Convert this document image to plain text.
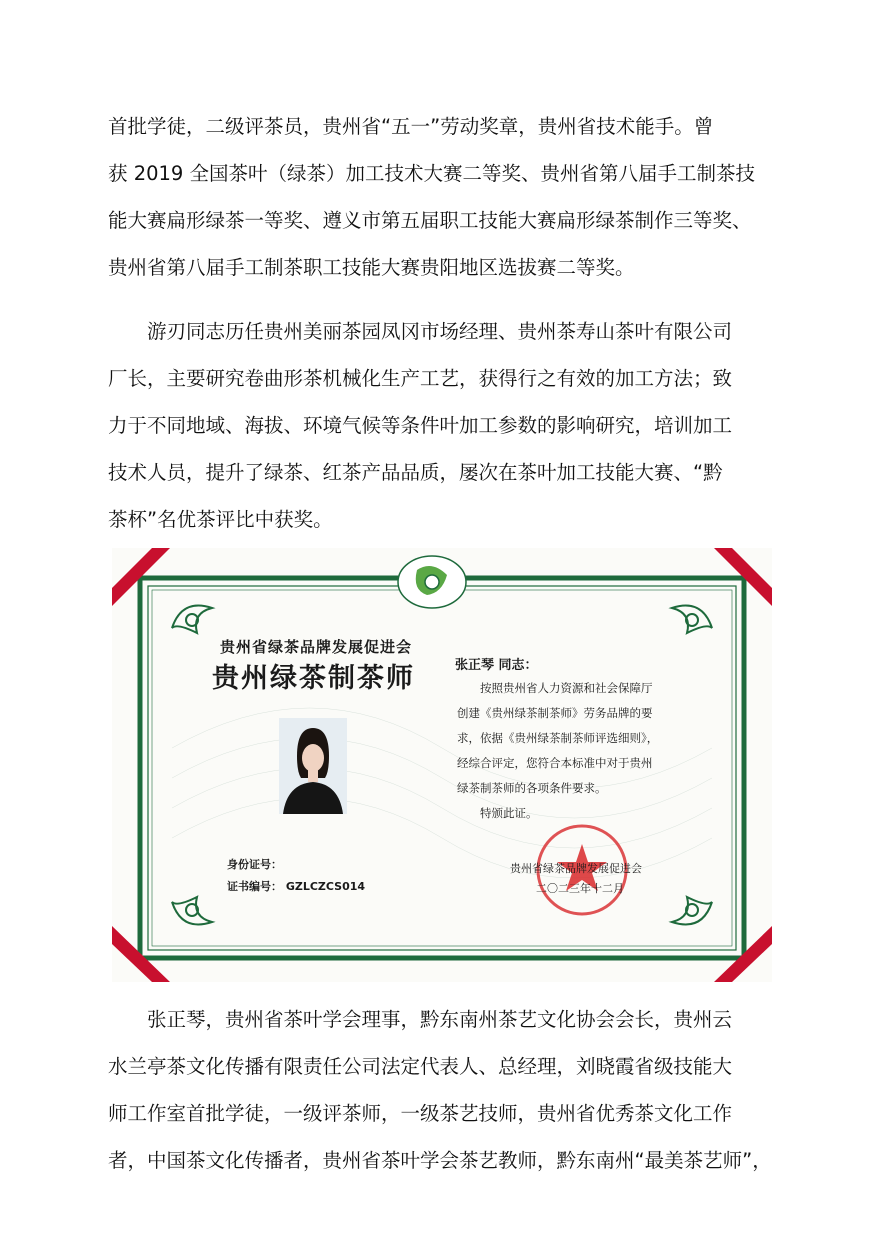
首批学徒，二级评茶员，贵州省“五一”劳动奖章，贵州省技术能手。曾
获 2019 全国茶叶（绿茶）加工技术大赛二等奖、贵州省第八届手工制茶技
能大赛扁形绿茶一等奖、遵义市第五届职工技能大赛扁形绿茶制作三等奖、
贵州省第八届手工制茶职工技能大赛贵阳地区选拔赛二等奖。
　　游刃同志历任贵州美丽茶园凤冈市场经理、贵州茶寿山茶叶有限公司
厂长，主要研究卷曲形茶机械化生产工艺，获得行之有效的加工方法；致
力于不同地域、海拔、环境气候等条件叶加工参数的影响研究，培训加工
技术人员，提升了绿茶、红茶产品品质，屡次在茶叶加工技能大赛、“黔
茶杯”名优茶评比中获奖。
贵州省绿茶品牌发展促进会
贵州绿茶制茶师
身份证号：
证书编号： GZLCZCS014
张正琴 同志：
　　按照贵州省人力资源和社会保障厅
创建《贵州绿茶制茶师》劳务品牌的要
求，依据《贵州绿茶制茶师评选细则》，
经综合评定，您符合本标准中对于贵州
绿茶制茶师的各项条件要求。
　　特颁此证。
贵州省绿茶品牌发展促进会
二〇二三年十二月
　　张正琴，贵州省茶叶学会理事，黔东南州茶艺文化协会会长，贵州云
水兰亭茶文化传播有限责任公司法定代表人、总经理，刘晓霞省级技能大
师工作室首批学徒，一级评茶师，一级茶艺技师，贵州省优秀茶文化工作
者，中国茶文化传播者，贵州省茶叶学会茶艺教师，黔东南州“最美茶艺师”，
